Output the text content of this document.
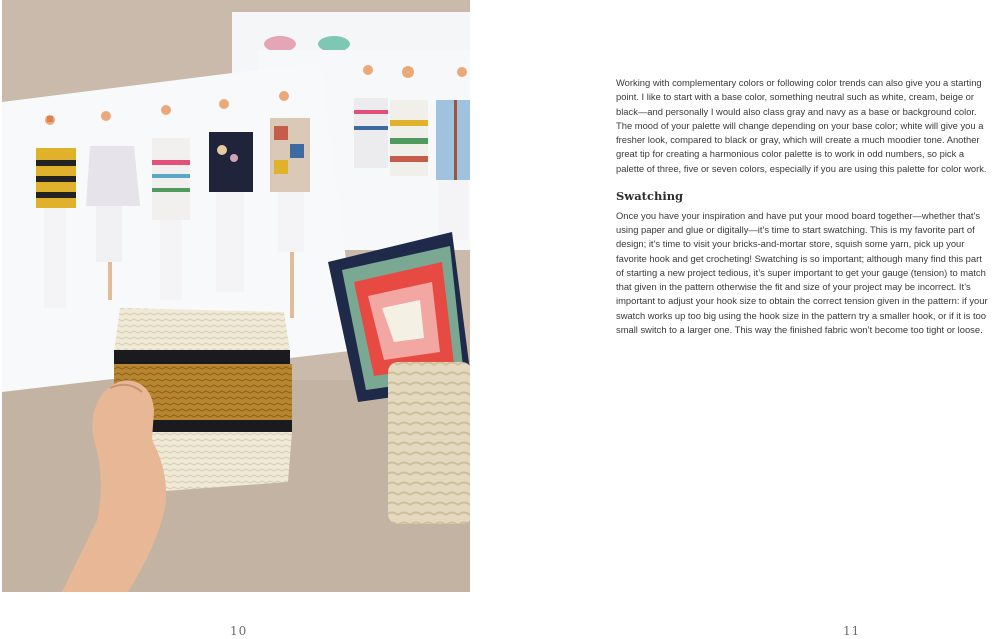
10

Working with complementary colors or following color trends can also give you a starting point. I like to start with a base color, something neutral such as white, cream, beige or black—and personally I would also class gray and navy as a base or background color. The mood of your palette will change depending on your base color; white will give you a fresher look, compared to black or gray, which will create a much moodier tone. Another great tip for creating a harmonious color palette is to work in odd numbers, so pick a palette of three, five or seven colors, especially if you are using this palette for color work.

Swatching

Once you have your inspiration and have put your mood board together—whether that’s using paper and glue or digitally—it’s time to start swatching. This is my favorite part of design; it’s time to visit your bricks-and-mortar store, squish some yarn, pick up your favorite hook and get crocheting! Swatching is so important; although many find this part of starting a new project tedious, it’s super important to get your gauge (tension) to match that given in the pattern otherwise the fit and size of your project may be incorrect. It’s important to adjust your hook size to obtain the correct tension given in the pattern: if your swatch works up too big using the hook size in the pattern try a smaller hook, or if it is too small switch to a larger one. This way the finished fabric won’t become too tight or loose.

11
